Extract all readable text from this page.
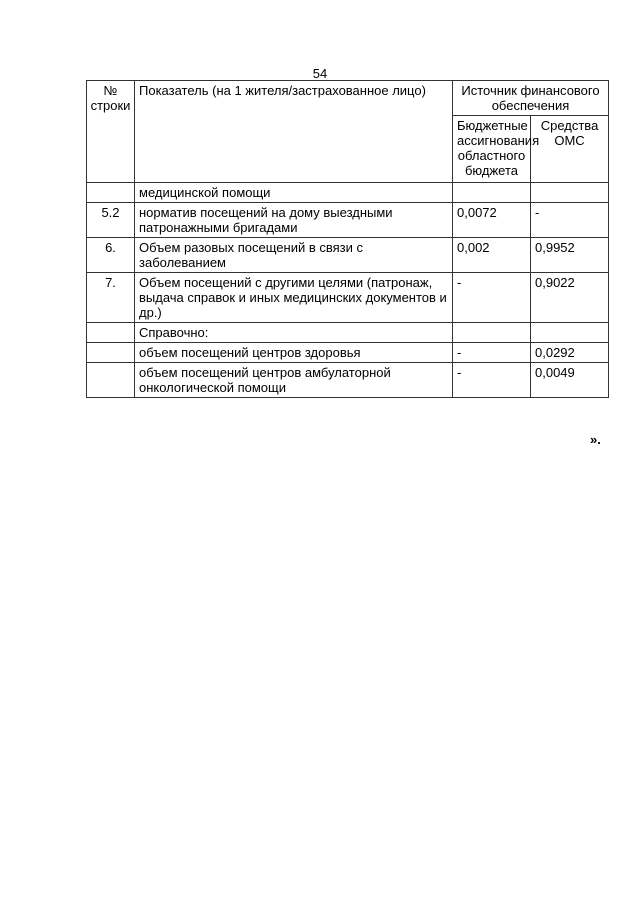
54
№ строки	Показатель (на 1 жителя/застрахованное лицо)	Источник финансового обеспечения	
		Бюджетные ассигнования областного бюджета	Средства ОМС
	медицинской помощи		
5.2	норматив посещений на дому выездными патронажными бригадами	0,0072	-
6.	Объем разовых посещений в связи с заболеванием	0,002	0,9952
7.	Объем посещений с другими целями (патронаж, выдача справок и иных медицинских документов и др.)	-	0,9022
	Справочно:		
	объем посещений центров здоровья	-	0,0292
	объем посещений центров амбулаторной онкологической помощи	-	0,0049
».
